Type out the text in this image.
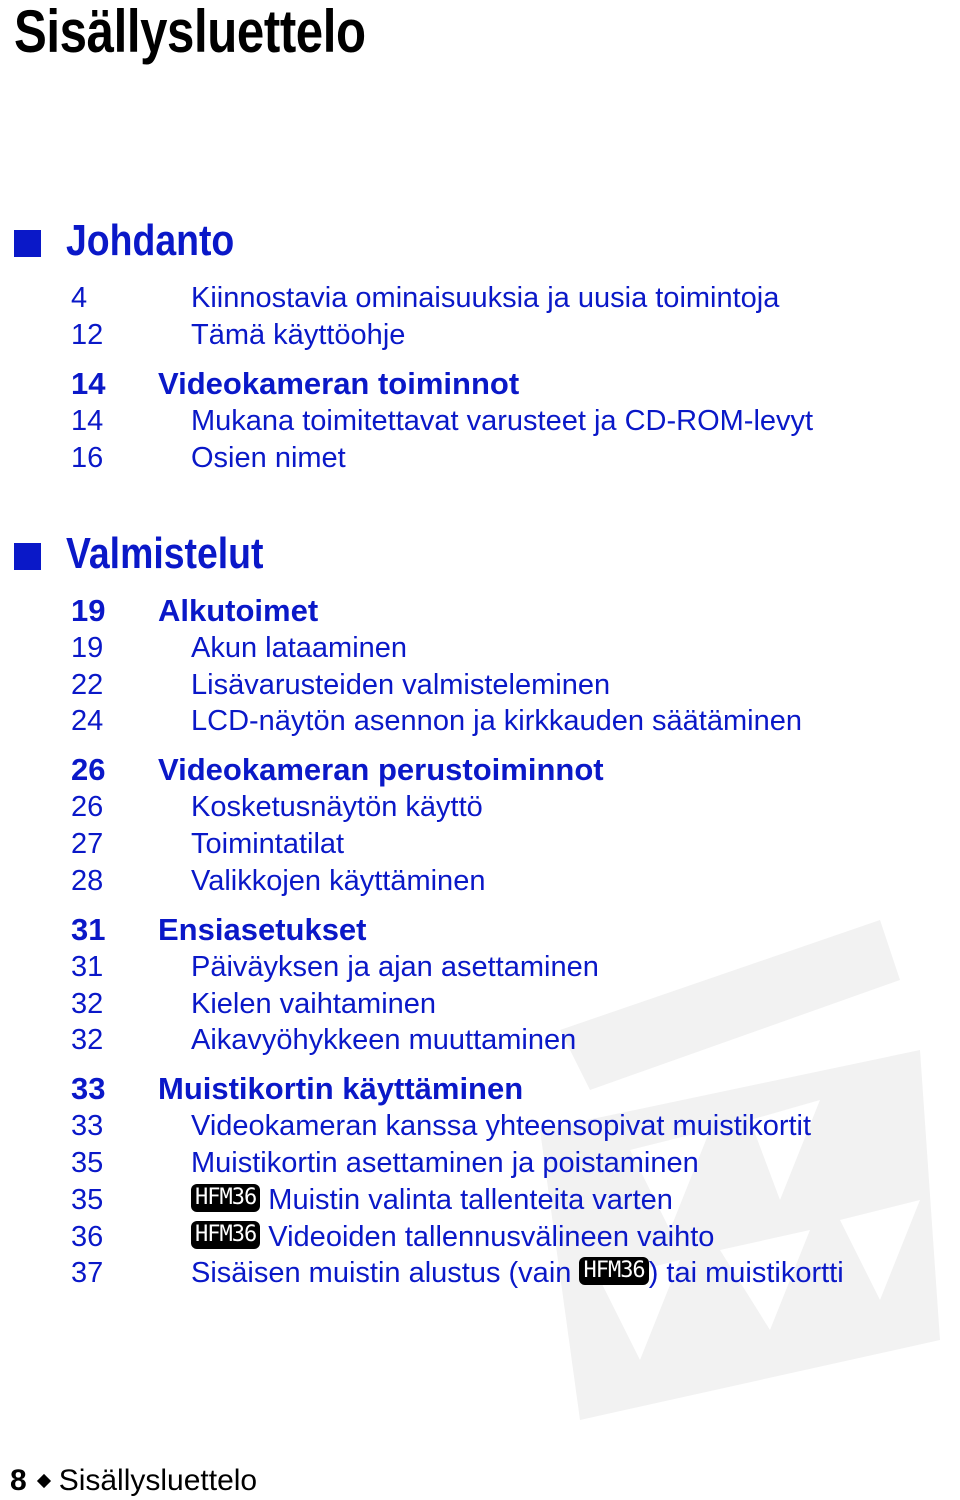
Sisällysluettelo
Johdanto
4	Kiinnostavia ominaisuuksia ja uusia toimintoja
12	Tämä käyttöohje
14 Videokameran toiminnot
14	Mukana toimitettavat varusteet ja CD-ROM-levyt
16	Osien nimet
Valmistelut
19 Alkutoimet
19	Akun lataaminen
22	Lisävarusteiden valmisteleminen
24	LCD-näytön asennon ja kirkkauden säätäminen
26 Videokameran perustoiminnot
26	Kosketusnäytön käyttö
27	Toimintatilat
28	Valikkojen käyttäminen
31 Ensiasetukset
31	Päiväyksen ja ajan asettaminen
32	Kielen vaihtaminen
32	Aikavyöhykkeen muuttaminen
33 Muistikortin käyttäminen
33	Videokameran kanssa yhteensopivat muistikortit
35	Muistikortin asettaminen ja poistaminen
35	HFM36 Muistin valinta tallenteita varten
36	HFM36 Videoiden tallennusvälineen vaihto
37	Sisäisen muistin alustus (vain HFM36 ) tai muistikortti
8 Sisällysluettelo
